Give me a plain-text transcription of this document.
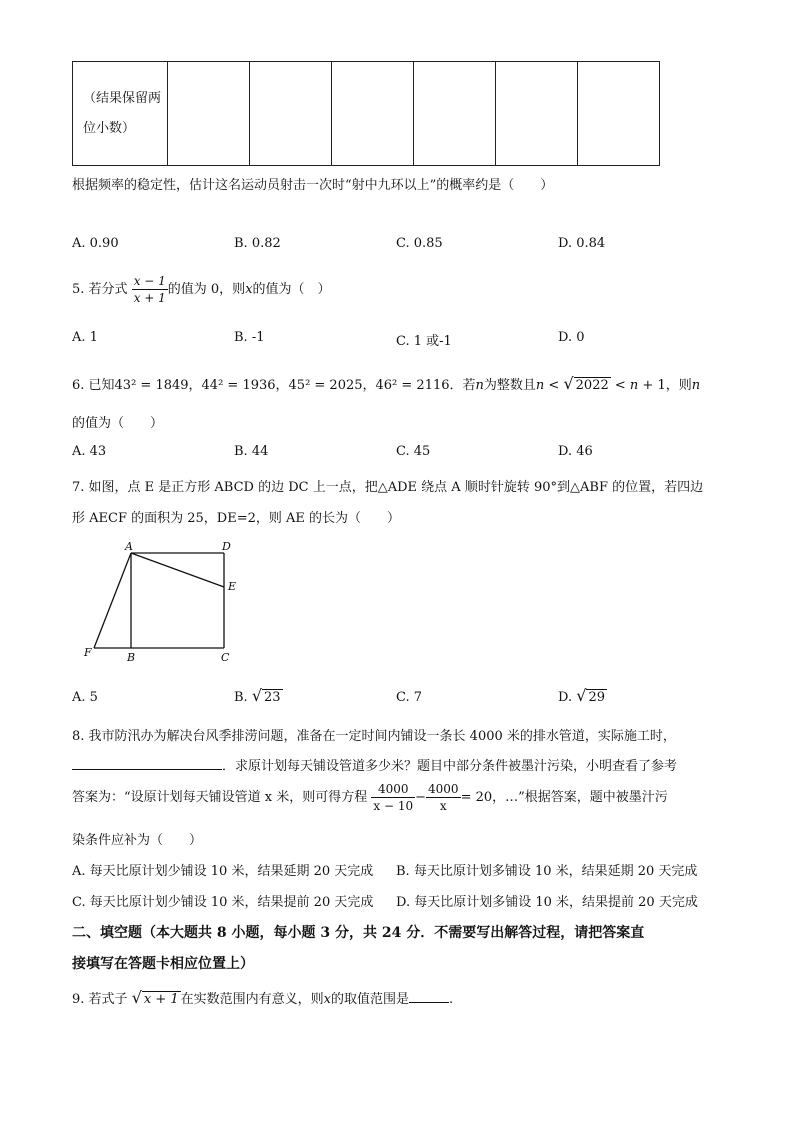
（结果保留两位小数）						
根据频率的稳定性，估计这名运动员射击一次时“射中九环以上”的概率约是（　　）
A. 0.90	B. 0.82	C. 0.85	D. 0.84
5. 若分式 $\frac{x - 1}{x + 1}$ 的值为 0，则x的值为（　）
A. 1	B. -1	C. 1 或-1	D. 0
6. 已知43² = 1849，44² = 1936，45² = 2025，46² = 2116．若n为整数且n < √ 2022 < n + 1，则n
的值为（　　）
A. 43	B. 44	C. 45	D. 46
7. 如图，点 E 是正方形 ABCD 的边 DC 上一点，把△ADE 绕点 A 顺时针旋转 90°到△ABF 的位置，若四边
形 AECF 的面积为 25，DE=2，则 AE 的长为（　　）
A	D
E
F	B	C
A. 5	B. √ 23	C. 7	D. √ 29
8. 我市防汛办为解决台风季排涝问题，准备在一定时间内铺设一条长 4000 米的排水管道，实际施工时，
．求原计划每天铺设管道多少米？题目中部分条件被墨汁污染，小明查看了参考
答案为：“设原计划每天铺设管道 x 米，则可得方程 $\frac{4000}{x - 10} - \frac{4000}{x} = 20$，…”根据答案，题中被墨汁污
染条件应补为（　　）
A. 每天比原计划少铺设 10 米，结果延期 20 天完成 B. 每天比原计划多铺设 10 米，结果延期 20 天完成
C. 每天比原计划少铺设 10 米，结果提前 20 天完成 D. 每天比原计划多铺设 10 米，结果提前 20 天完成
二、填空题（本大题共 8 小题，每小题 3 分，共 24 分．不需要写出解答过程，请把答案直
接填写在答题卡相应位置上）
9. 若式子 √ x + 1 在实数范围内有意义，则x的取值范围是	.
